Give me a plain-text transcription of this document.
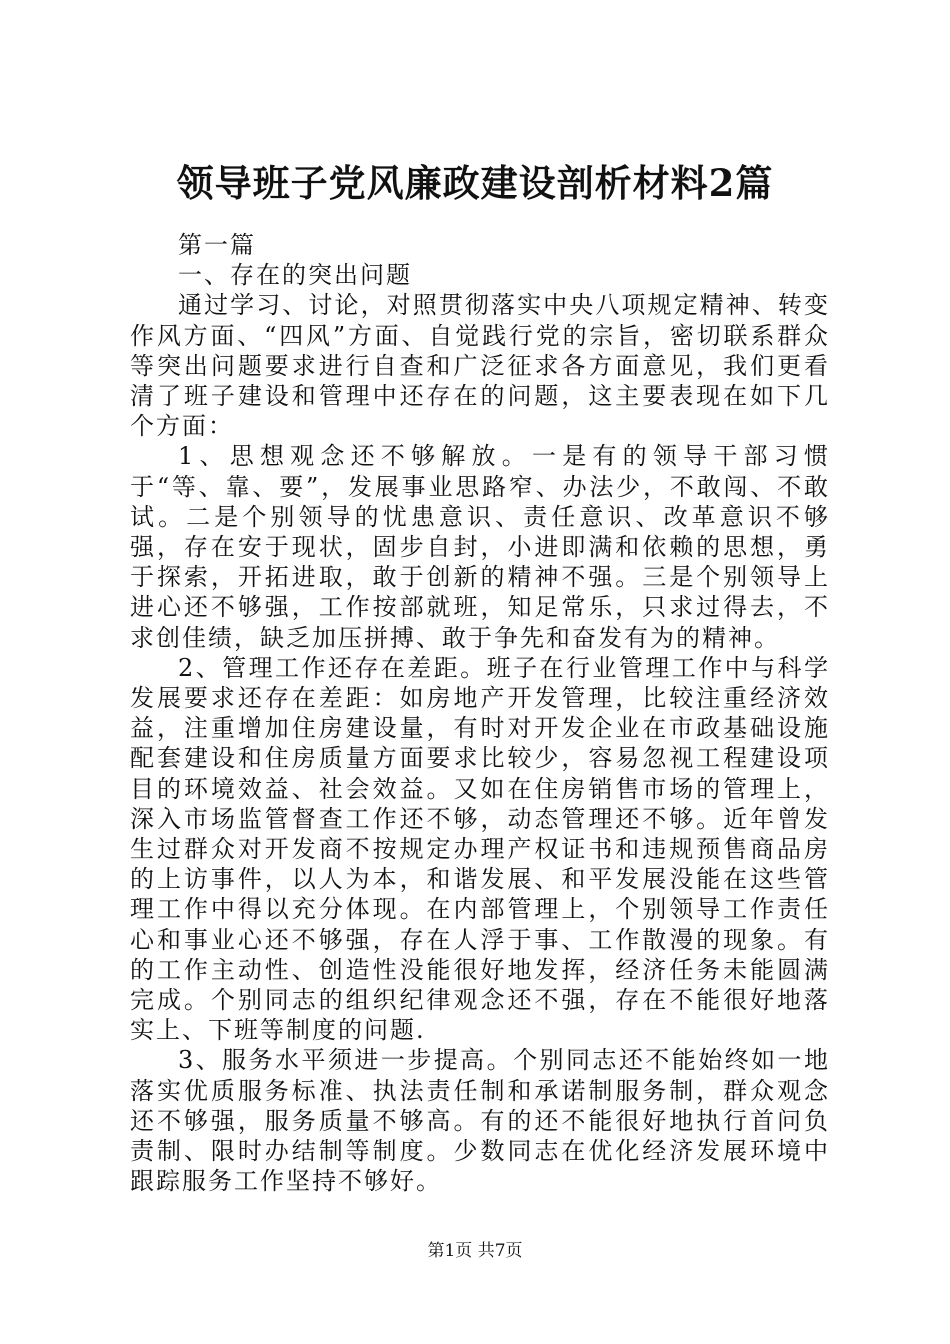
领导班子党风廉政建设剖析材料2篇

第一篇

一、存在的突出问题

通过学习、讨论，对照贯彻落实中央八项规定精神、转变作风方面、“四风”方面、自觉践行党的宗旨，密切联系群众等突出问题要求进行自查和广泛征求各方面意见，我们更看清了班子建设和管理中还存在的问题，这主要表现在如下几个方面：

1、思想观念还不够解放。一是有的领导干部习惯于“等、靠、要”，发展事业思路窄、办法少，不敢闯、不敢试。二是个别领导的忧患意识、责任意识、改革意识不够强，存在安于现状，固步自封，小进即满和依赖的思想，勇于探索，开拓进取，敢于创新的精神不强。三是个别领导上进心还不够强，工作按部就班，知足常乐，只求过得去，不求创佳绩，缺乏加压拼搏、敢于争先和奋发有为的精神。

2、管理工作还存在差距。班子在行业管理工作中与科学发展要求还存在差距：如房地产开发管理，比较注重经济效益，注重增加住房建设量，有时对开发企业在市政基础设施配套建设和住房质量方面要求比较少，容易忽视工程建设项目的环境效益、社会效益。又如在住房销售市场的管理上，深入市场监管督查工作还不够，动态管理还不够。近年曾发生过群众对开发商不按规定办理产权证书和违规预售商品房的上访事件，以人为本，和谐发展、和平发展没能在这些管理工作中得以充分体现。在内部管理上，个别领导工作责任心和事业心还不够强，存在人浮于事、工作散漫的现象。有的工作主动性、创造性没能很好地发挥，经济任务未能圆满完成。个别同志的组织纪律观念还不强，存在不能很好地落实上、下班等制度的问题.

3、服务水平须进一步提高。个别同志还不能始终如一地落实优质服务标准、执法责任制和承诺制服务制，群众观念还不够强，服务质量不够高。有的还不能很好地执行首问负责制、限时办结制等制度。少数同志在优化经济发展环境中跟踪服务工作坚持不够好。

第1页 共7页
